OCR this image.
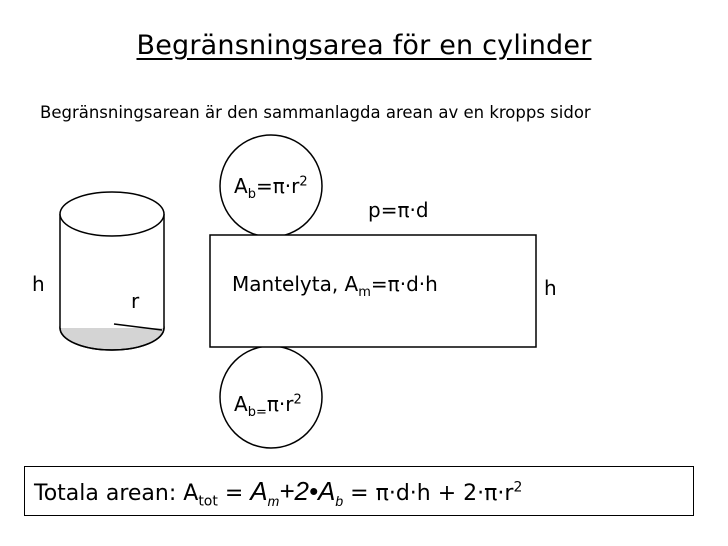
Begränsningsarea för en cylinder
Begränsningsarean är den sammanlagda arean av en kropps sidor
h
r
$A_b=\pi\cdot r^2$
p=π·d
Mantelyta, $A_m=\pi\cdot d\cdot h$	h
$A_{b=}\pi\cdot r^2$
Totala arean: $A_{tot}$ = $A_m+2•A_b = \pi\cdot d\cdot h + 2\cdot\pi\cdot r^2$
